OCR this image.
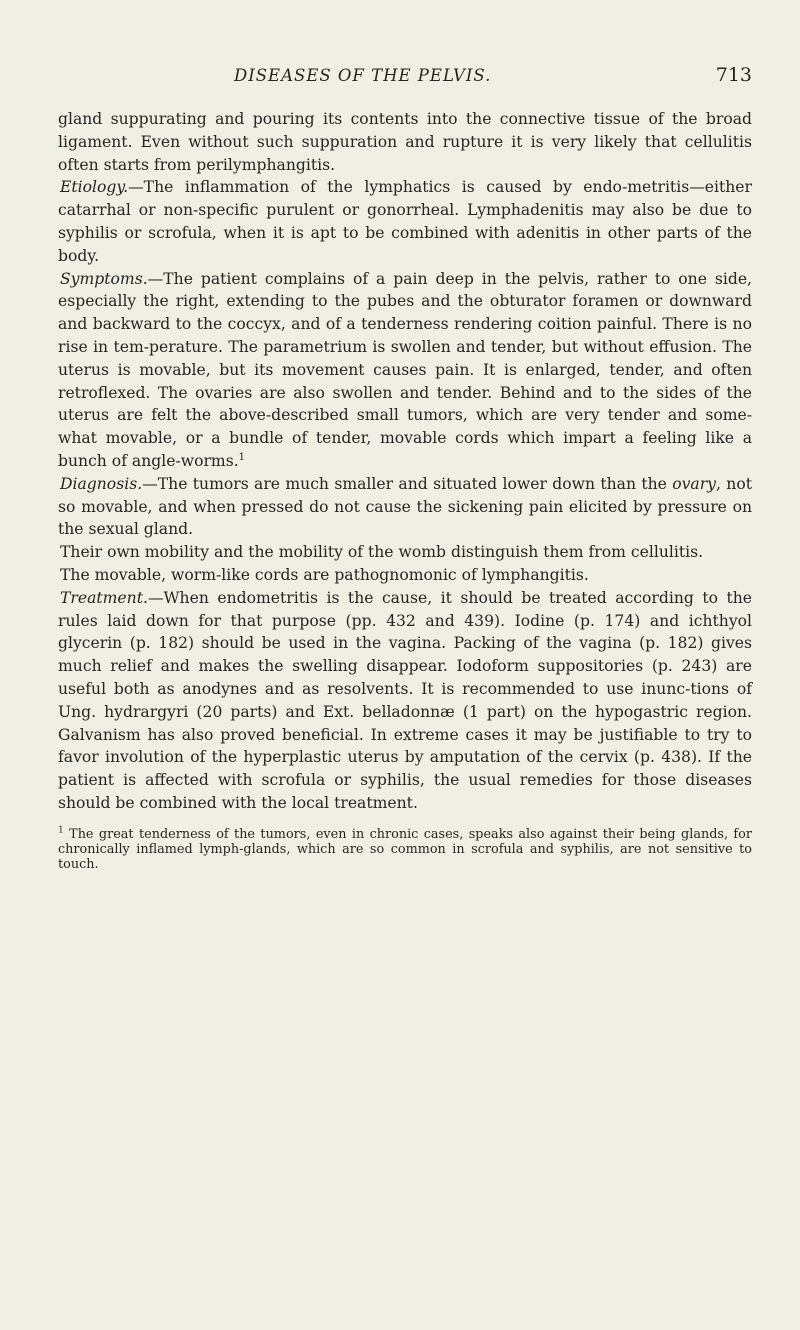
DISEASES OF THE PELVIS.	713

gland suppurating and pouring its contents into the connective tissue of the broad ligament. Even without such suppuration and rupture it is very likely that cellulitis often starts from perilymphangitis.

Etiology.—The inflammation of the lymphatics is caused by endo-metritis—either catarrhal or non-specific purulent or gonorrheal. Lymphadenitis may also be due to syphilis or scrofula, when it is apt to be combined with adenitis in other parts of the body.

Symptoms.—The patient complains of a pain deep in the pelvis, rather to one side, especially the right, extending to the pubes and the obturator foramen or downward and backward to the coccyx, and of a tenderness rendering coition painful. There is no rise in tem-perature. The parametrium is swollen and tender, but without effusion. The uterus is movable, but its movement causes pain. It is enlarged, tender, and often retroflexed. The ovaries are also swollen and tender. Behind and to the sides of the uterus are felt the above-described small tumors, which are very tender and some-what movable, or a bundle of tender, movable cords which impart a feeling like a bunch of angle-worms.$^1$

Diagnosis.—The tumors are much smaller and situated lower down than the ovary, not so movable, and when pressed do not cause the sickening pain elicited by pressure on the sexual gland.

Their own mobility and the mobility of the womb distinguish them from cellulitis.

The movable, worm-like cords are pathognomonic of lymphangitis.

Treatment.—When endometritis is the cause, it should be treated according to the rules laid down for that purpose (pp. 432 and 439). Iodine (p. 174) and ichthyol glycerin (p. 182) should be used in the vagina. Packing of the vagina (p. 182) gives much relief and makes the swelling disappear. Iodoform suppositories (p. 243) are useful both as anodynes and as resolvents. It is recommended to use inunc-tions of Ung. hydrargyri (20 parts) and Ext. belladonnæ (1 part) on the hypogastric region. Galvanism has also proved beneficial. In extreme cases it may be justifiable to try to favor involution of the hyperplastic uterus by amputation of the cervix (p. 438). If the patient is affected with scrofula or syphilis, the usual remedies for those diseases should be combined with the local treatment.

$^1$ The great tenderness of the tumors, even in chronic cases, speaks also against their being glands, for chronically inflamed lymph-glands, which are so common in scrofula and syphilis, are not sensitive to touch.
